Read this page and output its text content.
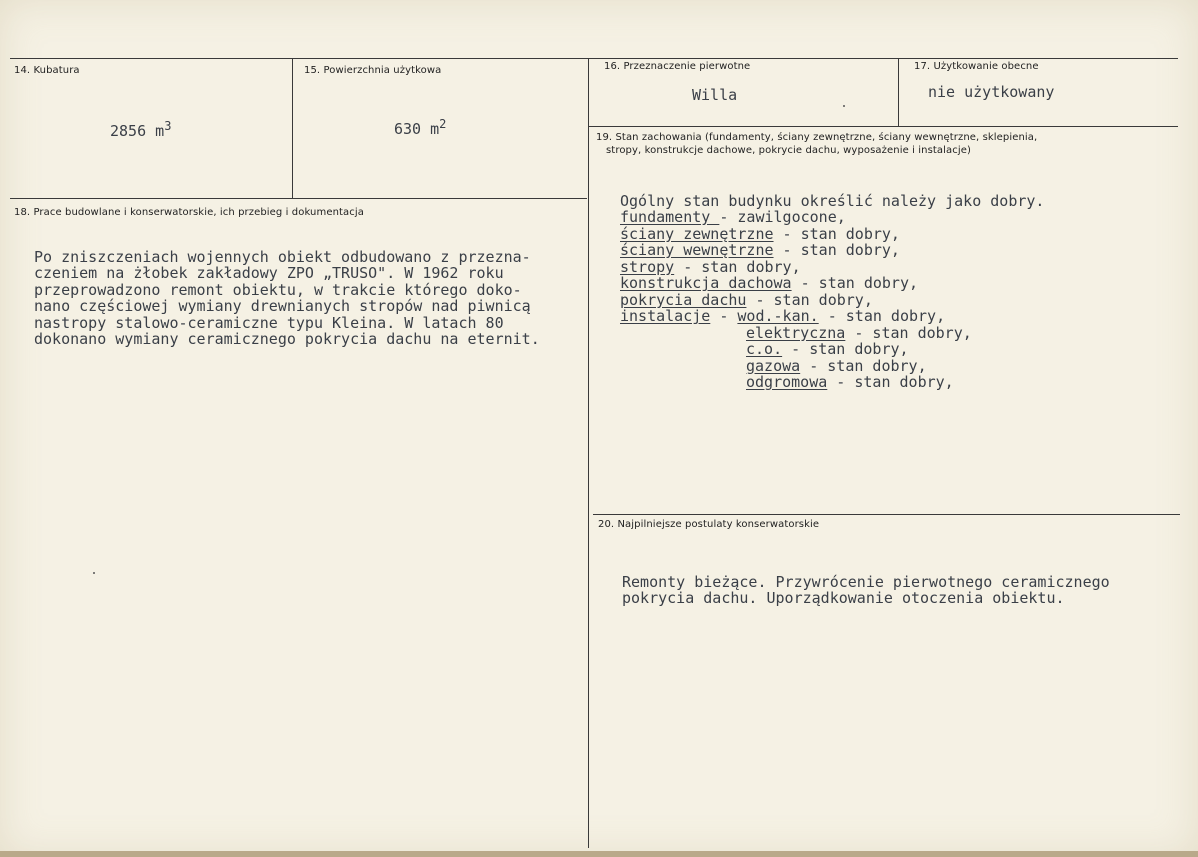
14. Kubatura
2856 $m^3$
15. Powierzchnia użytkowa
630 $m^2$
16. Przeznaczenie pierwotne
Willa
17. Użytkowanie obecne
nie użytkowany
18. Prace budowlane i konserwatorskie, ich przebieg i dokumentacja

Po zniszczeniach wojennych obiekt odbudowano z przezna-
czeniem na żłobek zakładowy ZPO „TRUSO". W 1962 roku
przeprowadzono remont obiektu, w trakcie którego doko-
nano częściowej wymiany drewnianych stropów nad piwnicą
nastropy stalowo-ceramiczne typu Kleina. W latach 80
dokonano wymiany ceramicznego pokrycia dachu na eternit.

19. Stan zachowania (fundamenty, ściany zewnętrzne, ściany wewnętrzne, sklepienia,
stropy, konstrukcje dachowe, pokrycie dachu, wyposażenie i instalacje)

Ogólny stan budynku określić należy jako dobry.
fundamenty - zawilgocone,
ściany zewnętrzne - stan dobry,
ściany wewnętrzne - stan dobry,
stropy - stan dobry,
konstrukcja dachowa - stan dobry,
pokrycia dachu - stan dobry,
instalacje - wod.-kan. - stan dobry,
elektryczna - stan dobry,
c.o. - stan dobry,
gazowa - stan dobry,
odgromowa - stan dobry,

20. Najpilniejsze postulaty konserwatorskie

Remonty bieżące. Przywrócenie pierwotnego ceramicznego
pokrycia dachu. Uporządkowanie otoczenia obiektu.
